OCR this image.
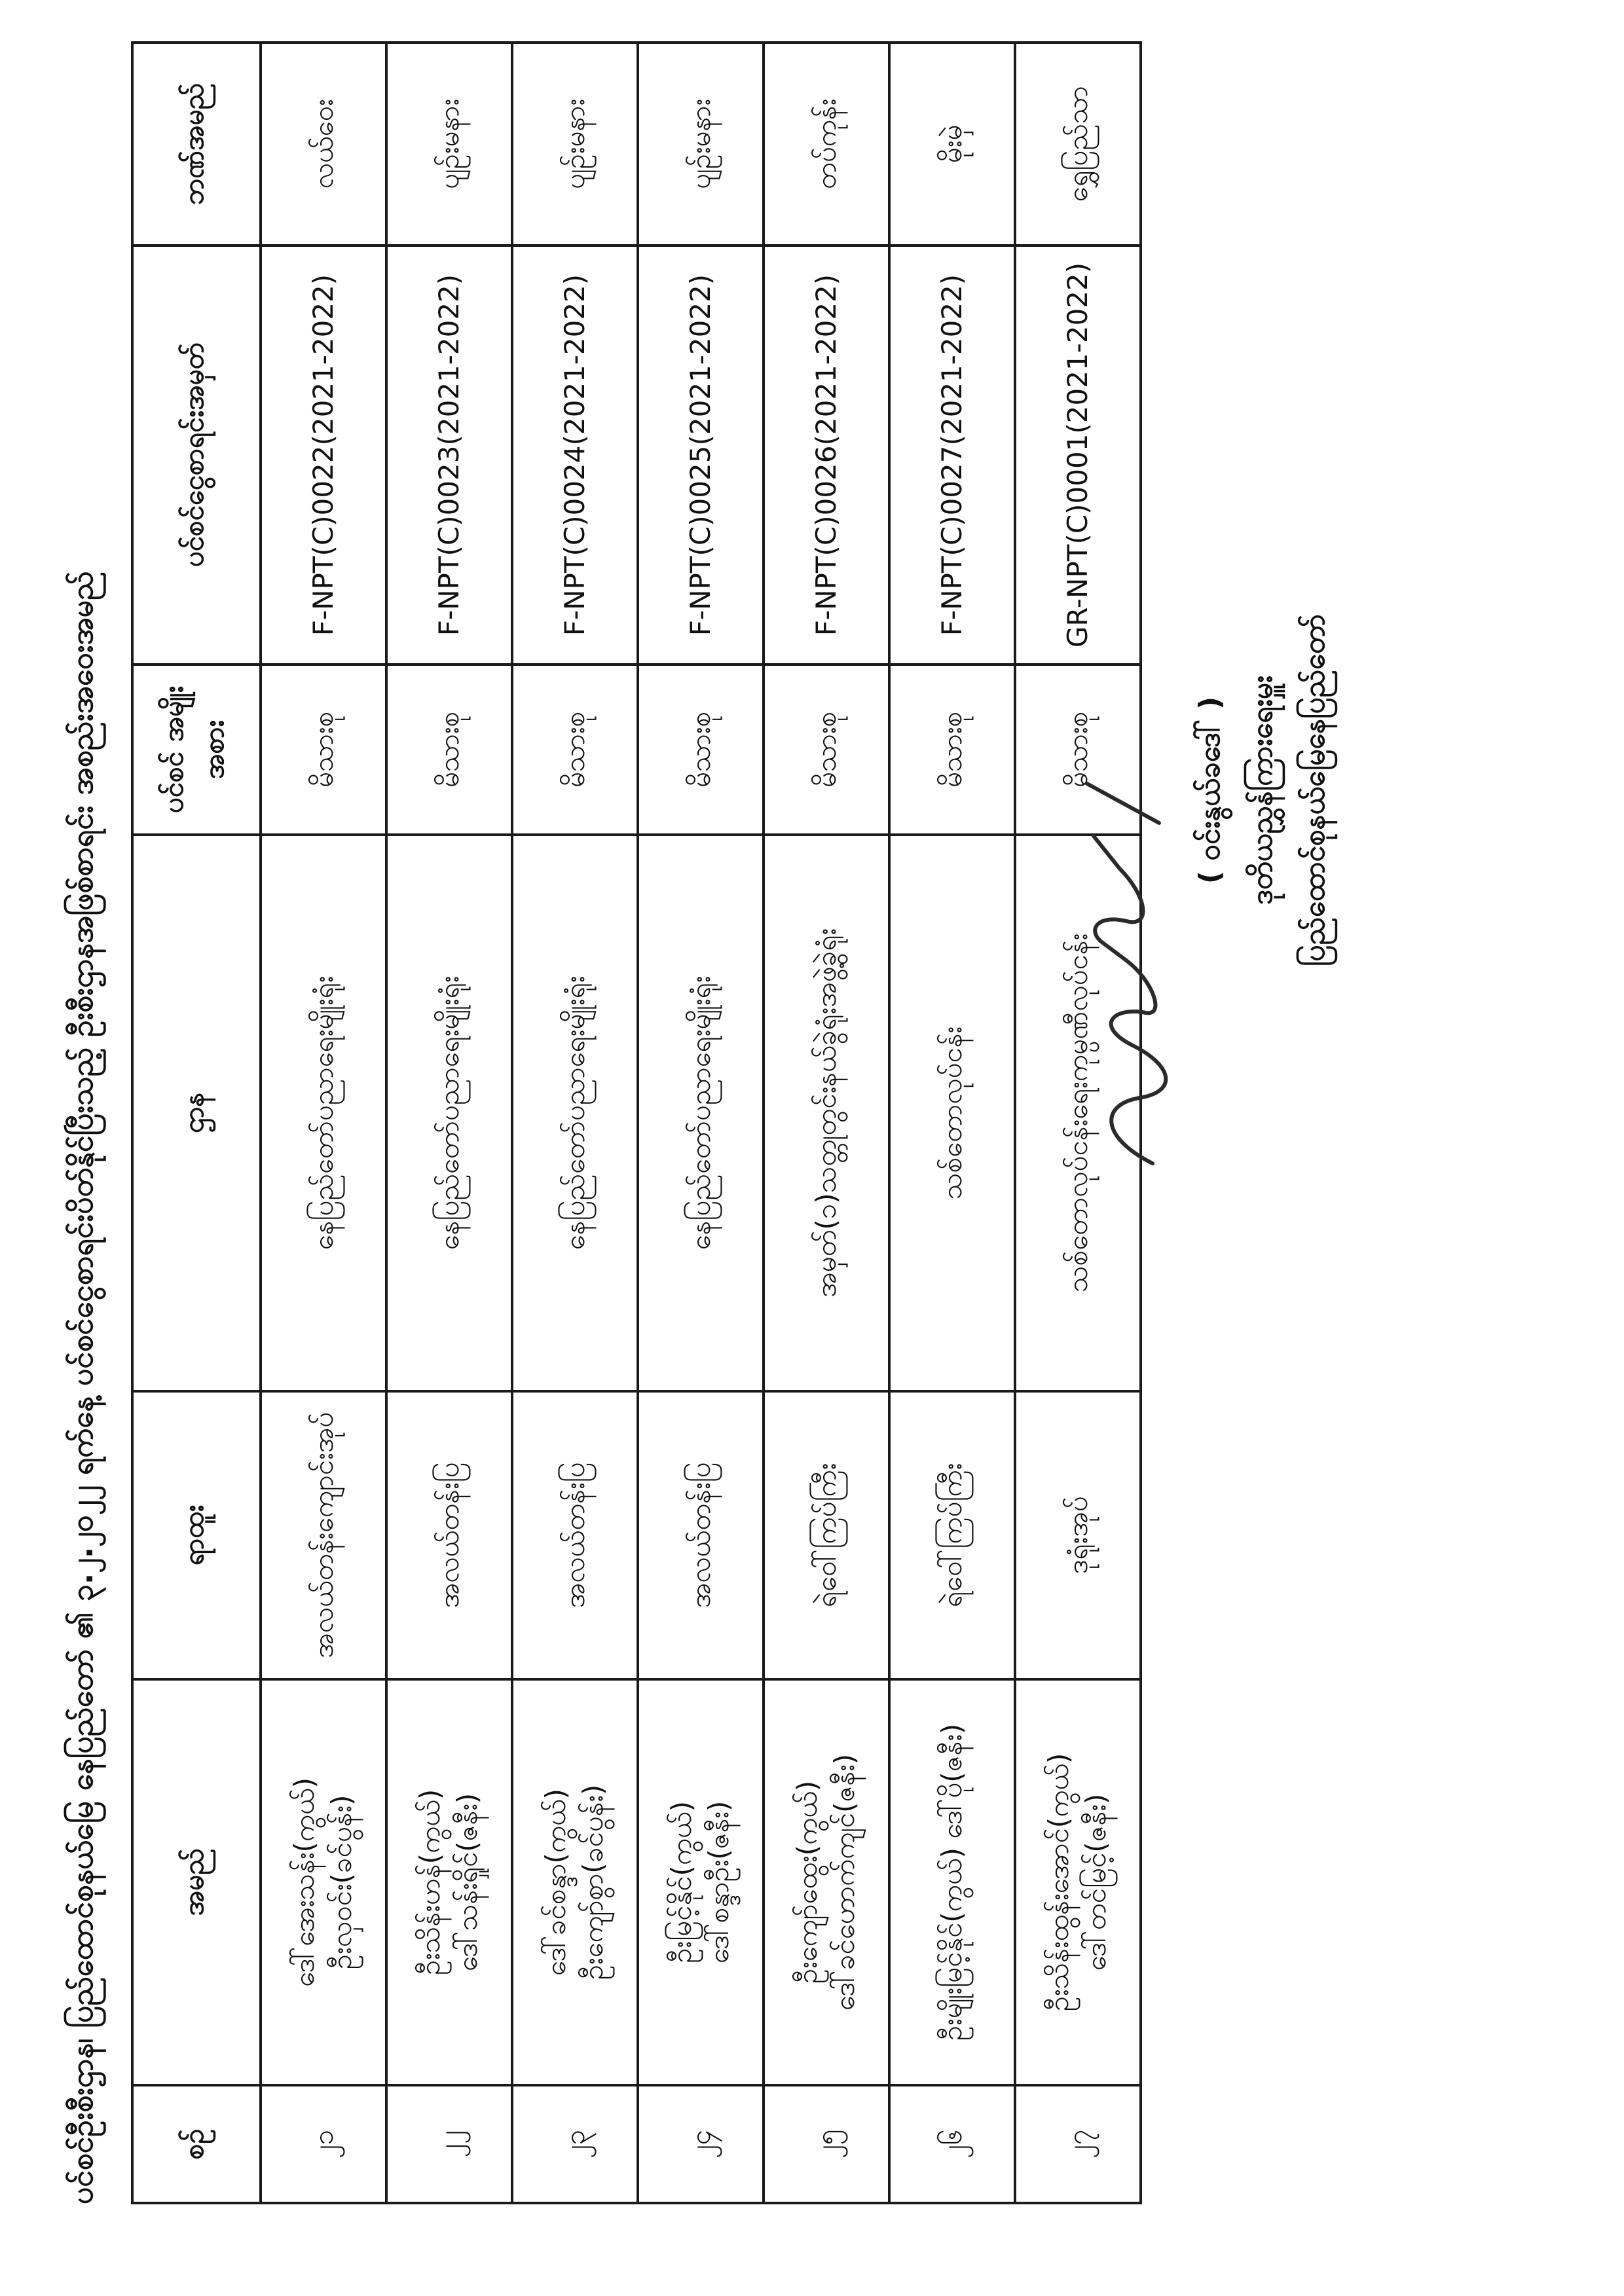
ပင်စင်ဦးစီးဌာန၊ ပြည်ထောင်စုနယ်မြေ နေပြည်တော် ၏ ၃.၂.၂၀၂၂ ရက်နေ့ ပင်စင်ငွေစာရင်းပိတ်နိုင်ပြီးသည့် ဦးစီးဌာနအဖြစ်စာရင်း အစည်းအဝေးအမည်	စဉ်	အမည်	ရာထူး	ဌာန	ပင်စင် အမျိုးအစား	ပင်စင်ငွေစာရင်းအမှတ်	ဘဏ်အမည်
၂၁	ဒေါ်အေးသန်း(ကွယ်) ဦးလှဝင်း(ခင်ပွန်း)	အလယ်တန်းကျောင်းအုပ်	နေပြည်တော်ပညာရေးမျိုးရုံး	မိသားစု	F-NPT(C)0022(2021-2022)	လယ်ဝေး
၂၂	ဦးသိန်းဟန်(ကွယ်) ဒေါ်သန်းရှိုင်(ဇနီး)	အလယ်တန်းပြ	နေပြည်တော်ပညာရေးမျိုးရုံး	မိသားစု	F-NPT(C)0023(2021-2022)	ပျဉ်းမနား
၂၃	ဒေါ်ခင်စန္ဒာ(ကွယ်) ဦးကျော်စွာ(ခင်ပွန်း)	အလယ်တန်းပြ	နေပြည်တော်ပညာရေးမျိုးရုံး	မိသားစု	F-NPT(C)0024(2021-2022)	ပျဉ်းမနား
၂၄	ဦးမြင့်နိုင်(ကွယ်) ဒေါ်စန္ဒာဦး(ဇနီး)	အလယ်တန်းပြ	နေပြည်တော်ပညာရေးမျိုးရုံး	မိသားစု	F-NPT(C)0025(2021-2022)	ပျဉ်းမနား
၂၅	ဦးကျော်ထွေး(ကွယ်) ဒေါ်ခင်ဟောက်ကျင်(ဇနီး)	ရဲဝေါ်ကြပ်ကြီး	အမှတ်(၁)သတ္တုတွင်းနယ်ခွဲရုံးအဖွဲ့ခွဲရုံး	မိသားစု	F-NPT(C)0026(2021-2022)	တပ်ကုန်း
၂၆	ဦးမျိုးမြင့်နိုင်(ကွယ်) ဒေါ်ပို(ဇနီး)	ရဲဝေါ်ကြပ်ကြီး	သစ်တောလုပ်ငန်း	မိသားစု	F-NPT(C)0027(2021-2022)	မိုးမှဲ
၂၇	ဦးသိန်းထွန်းအောင်(ကွယ်) ဒေါ်တင်မြင့်(ဇနီး)	ဒုရုံးအုပ်	သစ်တောလုပ်ငန်းရေးကုမ္ပဏီလုပ်ငန်း	မိသားစု	GR-NPT(C)0001(2021-2022)	ရွှေပြည်သာ
( ဝင်းနွယ်ခဒေါ် ) ဒုတိယညွှန်ကြားရေးမှူး ပြည်ထောင်စုနယ်မြေနေပြည်တော်
